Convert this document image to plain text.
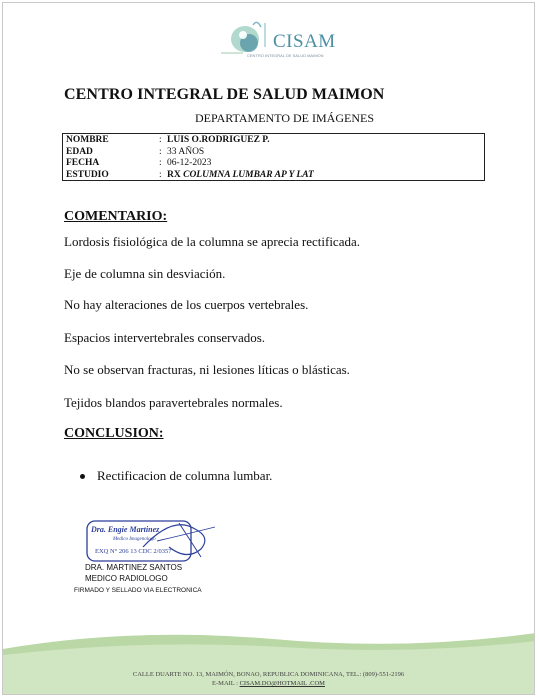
CISAM
CENTRO INTEGRAL DE SALUD MAIMON
CENTRO INTEGRAL DE SALUD MAIMON
DEPARTAMENTO DE IMÁGENES
NOMBRE	: LUIS O.RODRIGUEZ P.
EDAD	: 33 AÑOS
FECHA	: 06-12-2023
ESTUDIO	: RX COLUMNA LUMBAR AP Y LAT
COMENTARIO:
Lordosis fisiológica de la columna se aprecia rectificada.
Eje de columna sin desviación.
No hay alteraciones de los cuerpos vertebrales.
Espacios intervertebrales conservados.
No se observan fracturas, ni lesiones líticas o blásticas.
Tejidos blandos paravertebrales normales.
CONCLUSION:
Rectificacion de columna lumbar.
Dra. Engie Martinez
Medico Imagenologo
EXQ N° 206 13 CDC 2/0357
DRA. MARTINEZ SANTOS
MEDICO RADIOLOGO
FIRMADO Y SELLADO VIA ELECTRONICA
CALLE DUARTE NO. 13, MAIMÓN, BONAO, REPUBLICA DOMINICANA, TEL.: (809)-551-2196
E-MAIL : CISAM.DO@HOTMAIL .COM
